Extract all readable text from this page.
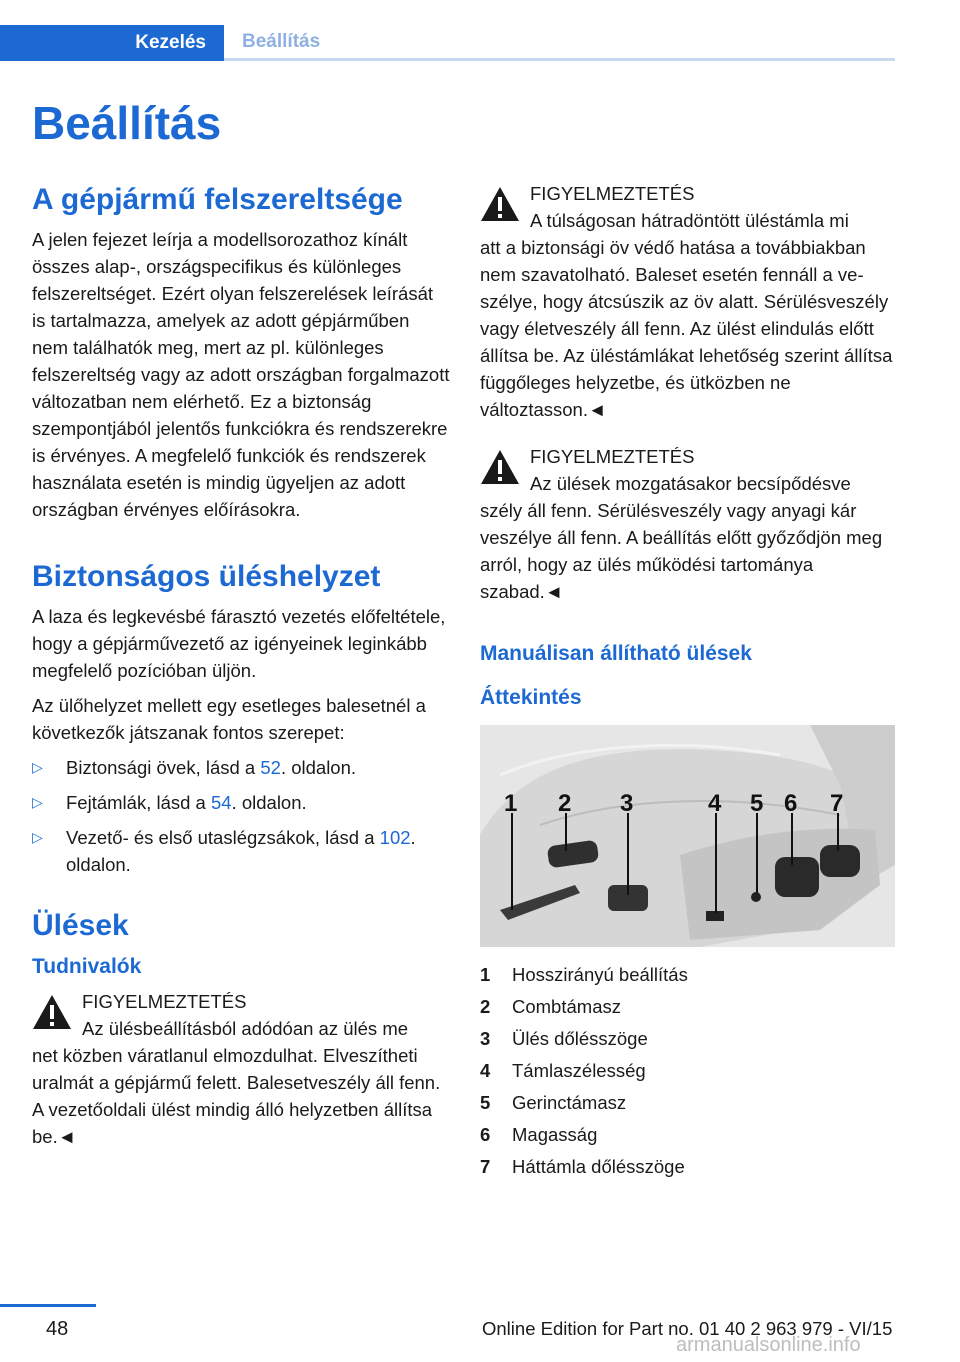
Kezelés	Beállítás
Beállítás
A gépjármű felszereltsége

A jelen fejezet leírja a modellsorozathoz kínált összes alap-, országspecifikus és különleges felszereltséget. Ezért olyan felszerelések leírását is tartalmazza, amelyek az adott gépjárműben nem találhatók meg, mert az pl. különleges felszereltség vagy az adott országban forgalmazott változatban nem elérhető. Ez a biztonság szempontjából jelentős funkciókra és rendszerekre is érvényes. A megfelelő funkciók és rendszerek használata esetén is mindig ügyeljen az adott országban érvényes előírásokra.

Biztonságos üléshelyzet

A laza és legkevésbé fárasztó vezetés előfeltétele, hogy a gépjárművezető az igényeinek leginkább megfelelő pozícióban üljön.

Az ülőhelyzet mellett egy esetleges balesetnél a következők játszanak fontos szerepet:

▷ Biztonsági övek, lásd a 52. oldalon.
▷ Fejtámlák, lásd a 54. oldalon.
▷ Vezető- és első utaslégzsákok, lásd a 102. oldalon.
Ülések
Tudnivalók
FIGYELMEZTETÉS
Az ülésbeállításból adódóan az ülés me
net közben váratlanul elmozdulhat. Elveszítheti uralmát a gépjármű felett. Balesetveszély áll fenn. A vezetőoldali ülést mindig álló helyzetben állítsa be.◄
FIGYELMEZTETÉS
A túlságosan hátradöntött üléstámla mi
att a biztonsági öv védő hatása a továbbiakban nem szavatolható. Baleset esetén fennáll a veszélye, hogy átcsúszik az öv alatt. Sérülésveszély vagy életveszély áll fenn. Az ülést elindulás előtt állítsa be. Az üléstámlákat lehetőség szerint állítsa függőleges helyzetbe, és ütközben ne változtasson.◄
FIGYELMEZTETÉS
Az ülések mozgatásakor becsípődésve
szély áll fenn. Sérülésveszély vagy anyagi kár veszélye áll fenn. A beállítás előtt győződjön meg arról, hogy az ülés működési tartománya szabad.◄
Manuálisan állítható ülések
Áttekintés
1 2 3	4 5 6 7
1	Hosszirányú beállítás
2	Combtámasz
3	Ülés dőlésszöge
4	Támlaszélesség
5	Gerinctámasz
6	Magasság
7	Háttámla dőlésszöge
48	Online Edition for Part no. 01 40 2 963 979 - VI/15
armanualsonline.info
